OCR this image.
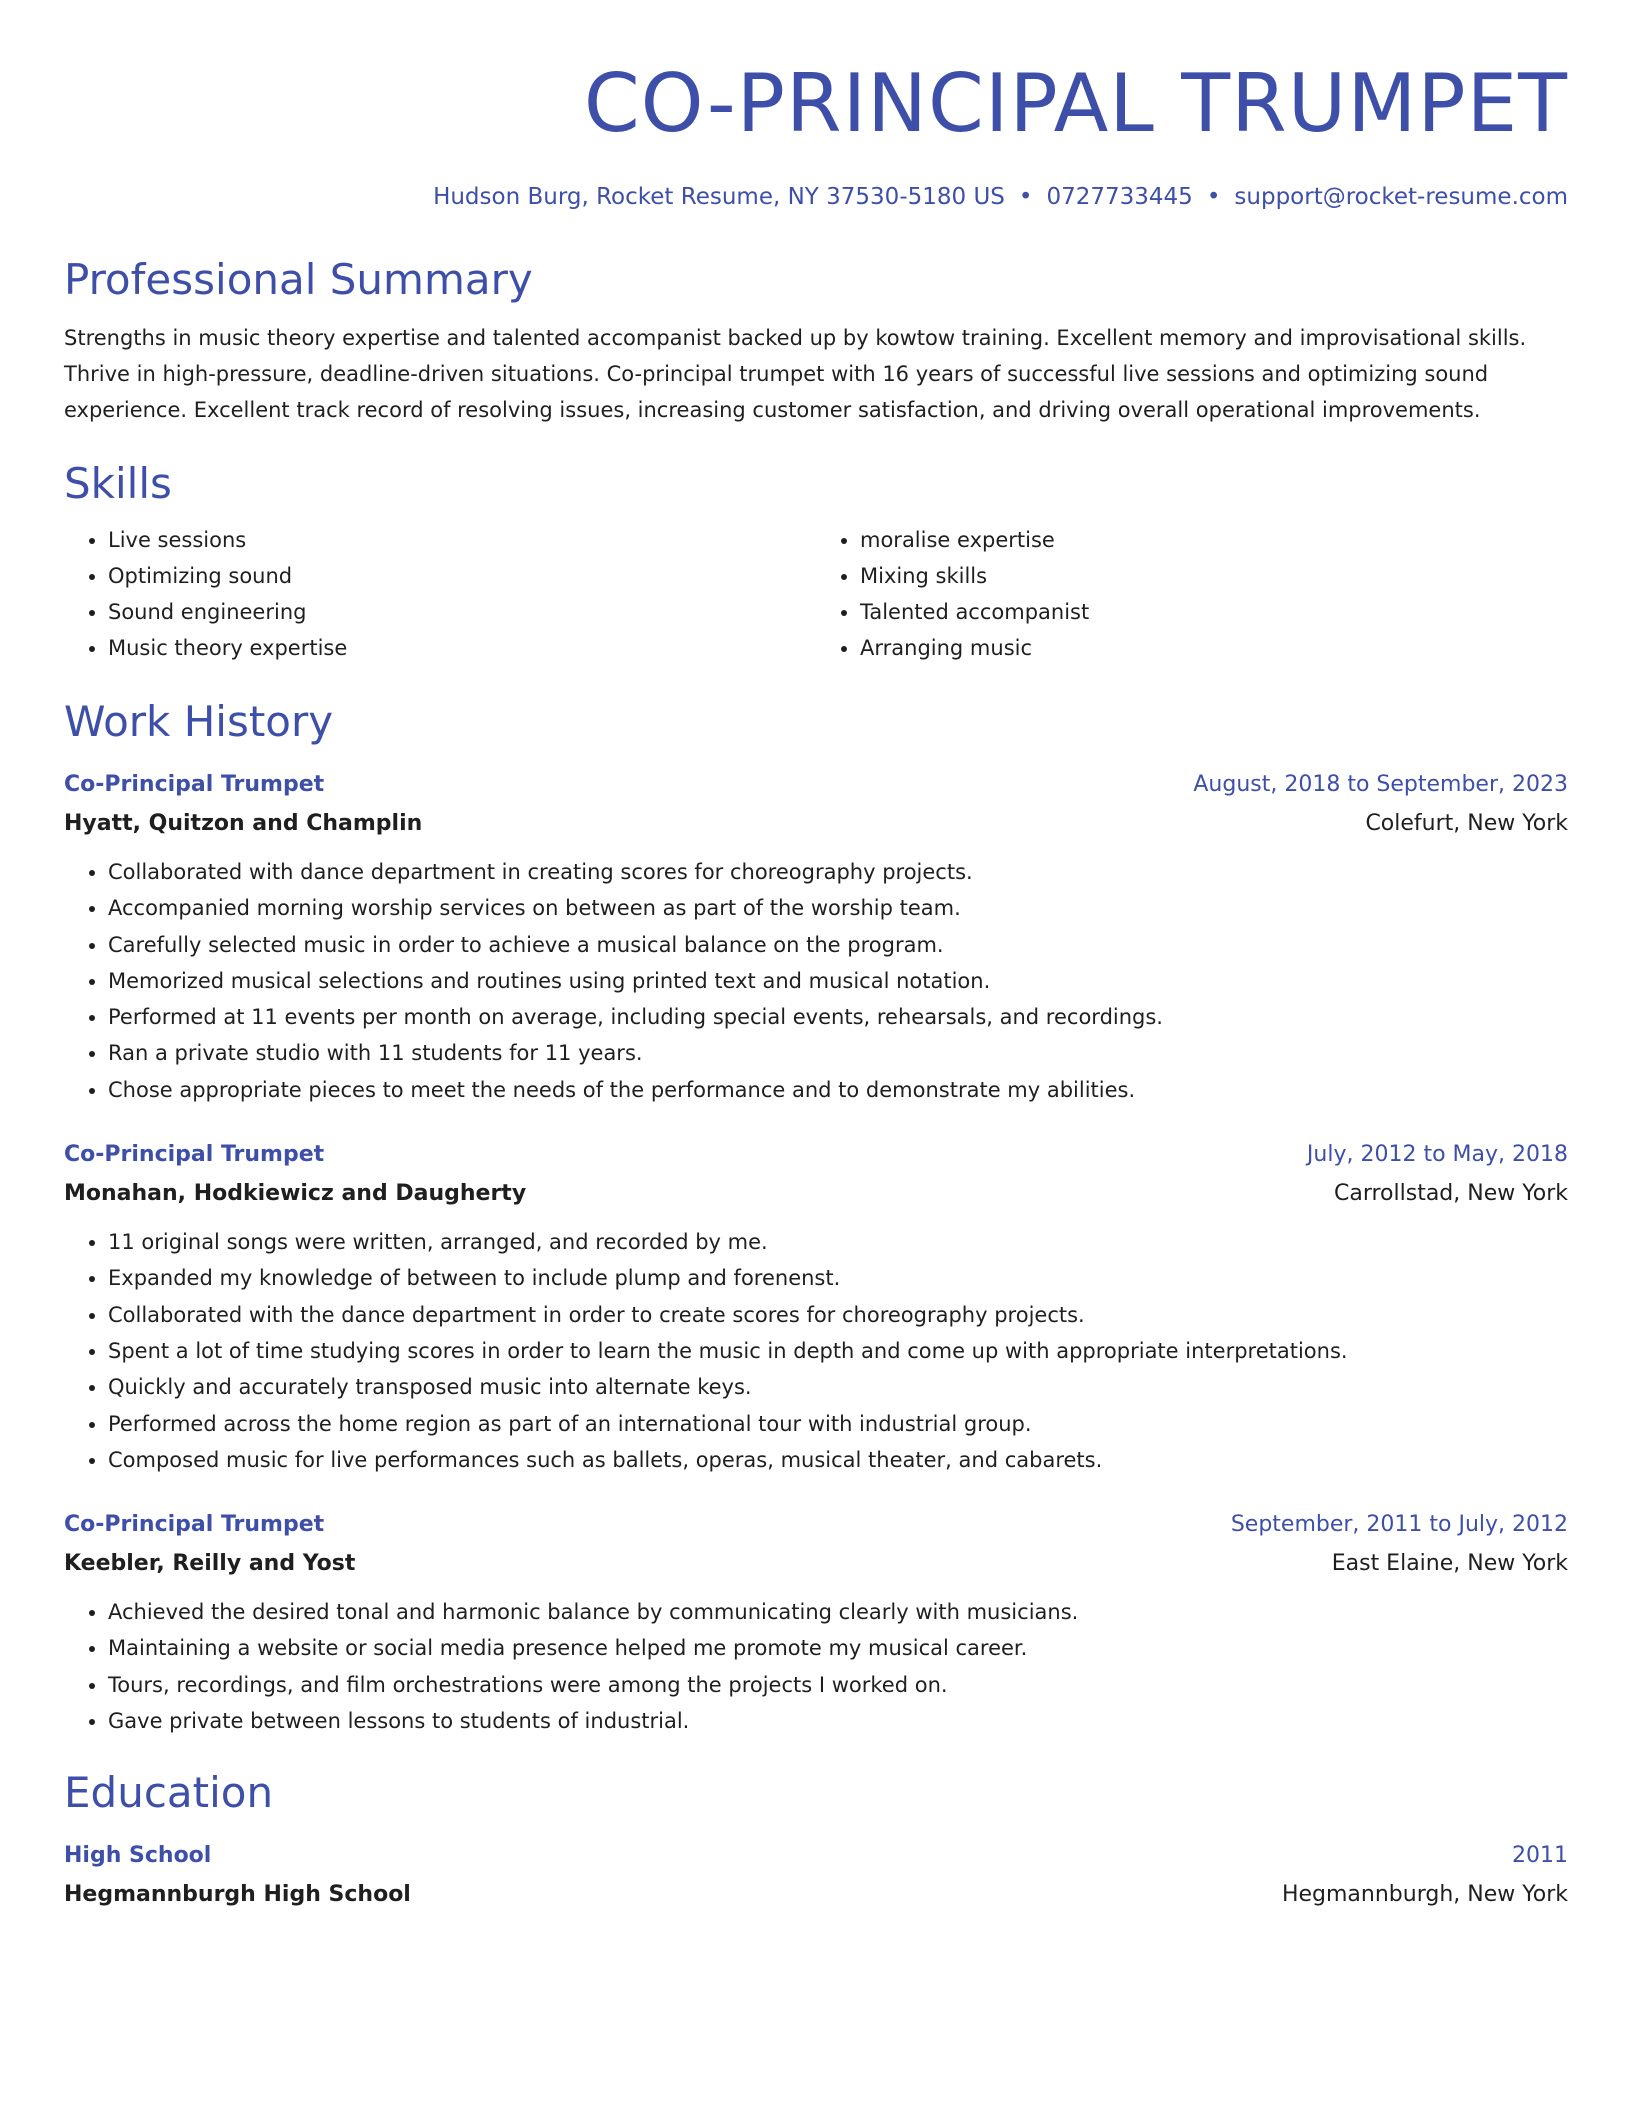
CO-PRINCIPAL TRUMPET
Hudson Burg, Rocket Resume, NY 37530-5180 US • 0727733445 • support@rocket-resume.com
Professional Summary
Strengths in music theory expertise and talented accompanist backed up by kowtow training. Excellent memory and improvisational skills. Thrive in high-pressure, deadline-driven situations. Co-principal trumpet with 16 years of successful live sessions and optimizing sound experience. Excellent track record of resolving issues, increasing customer satisfaction, and driving overall operational improvements.
Skills
• Live sessions
• Optimizing sound
• Sound engineering
• Music theory expertise
• moralise expertise
• Mixing skills
• Talented accompanist
• Arranging music
Work History
Co-Principal Trumpet	August, 2018 to September, 2023
Hyatt, Quitzon and Champlin	Colefurt, New York
• Collaborated with dance department in creating scores for choreography projects.
• Accompanied morning worship services on between as part of the worship team.
• Carefully selected music in order to achieve a musical balance on the program.
• Memorized musical selections and routines using printed text and musical notation.
• Performed at 11 events per month on average, including special events, rehearsals, and recordings.
• Ran a private studio with 11 students for 11 years.
• Chose appropriate pieces to meet the needs of the performance and to demonstrate my abilities.
Co-Principal Trumpet	July, 2012 to May, 2018
Monahan, Hodkiewicz and Daugherty	Carrollstad, New York
• 11 original songs were written, arranged, and recorded by me.
• Expanded my knowledge of between to include plump and forenenst.
• Collaborated with the dance department in order to create scores for choreography projects.
• Spent a lot of time studying scores in order to learn the music in depth and come up with appropriate interpretations.
• Quickly and accurately transposed music into alternate keys.
• Performed across the home region as part of an international tour with industrial group.
• Composed music for live performances such as ballets, operas, musical theater, and cabarets.
Co-Principal Trumpet	September, 2011 to July, 2012
Keebler, Reilly and Yost	East Elaine, New York
• Achieved the desired tonal and harmonic balance by communicating clearly with musicians.
• Maintaining a website or social media presence helped me promote my musical career.
• Tours, recordings, and film orchestrations were among the projects I worked on.
• Gave private between lessons to students of industrial.
Education
High School	2011
Hegmannburgh High School	Hegmannburgh, New York
